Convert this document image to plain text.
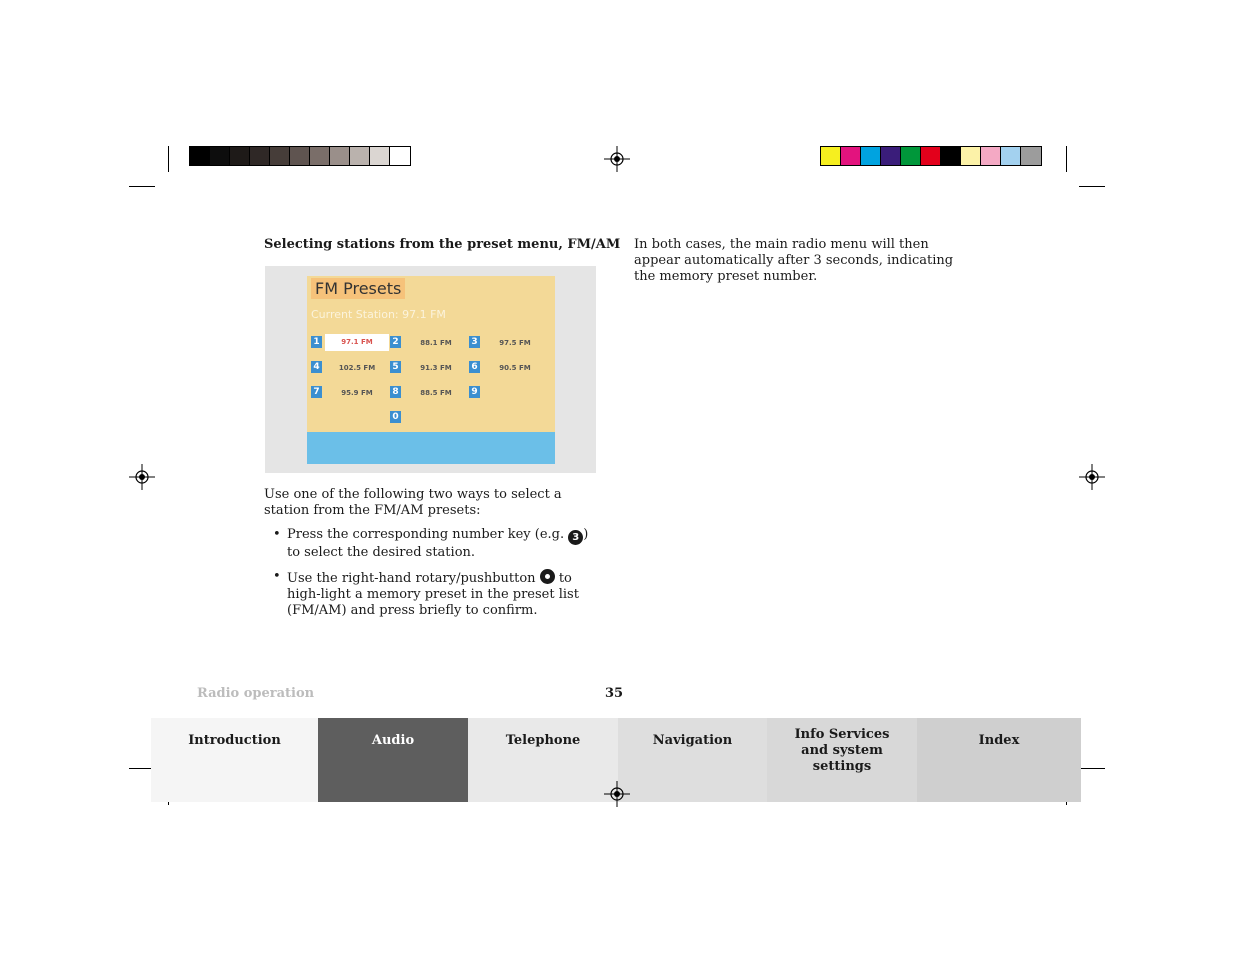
Selecting stations from the preset menu, FM/AM In both cases, the main radio menu will then appear automatically after 3 seconds, indicating the memory preset number.
FM Presets
Current Station: 97.1 FM
1	97.1 FM	2	88.1 FM	3	97.5 FM
4	102.5 FM	5	91.3 FM	6	90.5 FM
7	95.9 FM	8	88.5 FM	9
0

Use one of the following two ways to select a station from the FM/AM presets:

• Press the corresponding number key (e.g. 3 ) to select the desired station.
• Use the right-hand rotary/pushbutton  to high-light a memory preset in the preset list (FM/AM) and press briefly to confirm.
Radio operation	35
Introduction	Audio	Telephone	Navigation	Info Services and system settings
Index
